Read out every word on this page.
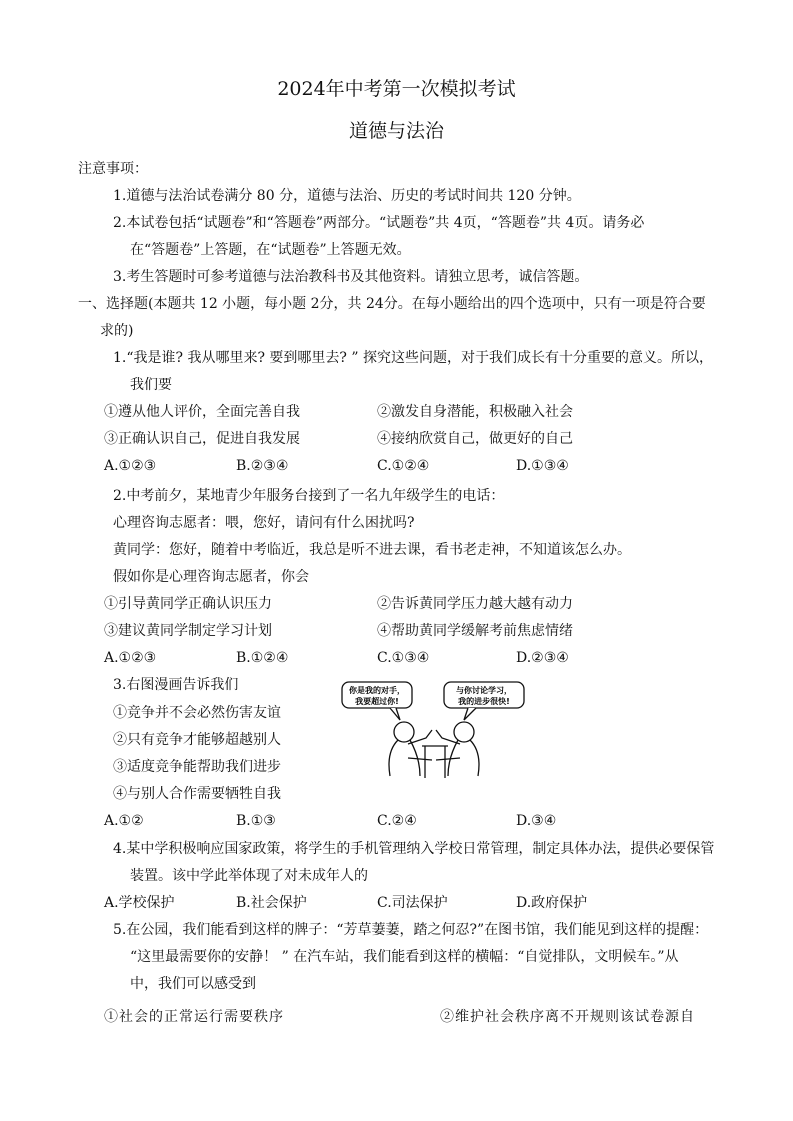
2024年中考第一次模拟考试
道德与法治
注意事项：
1.道德与法治试卷满分 80 分，道德与法治、历史的考试时间共 120 分钟。
2.本试卷包括“试题卷”和“答题卷”两部分。“试题卷”共 4页，“答题卷”共 4页。请务必
在“答题卷”上答题，在“试题卷”上答题无效。
3.考生答题时可参考道德与法治教科书及其他资料。请独立思考，诚信答题。
一、选择题(本题共 12 小题，每小题 2分，共 24分。在每小题给出的四个选项中，只有一项是符合要
求的)
1.“我是谁? 我从哪里来? 要到哪里去? ” 探究这些问题，对于我们成长有十分重要的意义。所以，
我们要
①遵从他人评价，全面完善自我	②激发自身潜能，积极融入社会
③正确认识自己，促进自我发展	④接纳欣赏自己，做更好的自己
A.①②③	B.②③④	C.①②④	D.①③④
2.中考前夕，某地青少年服务台接到了一名九年级学生的电话：
心理咨询志愿者：喂，您好，请问有什么困扰吗?
黄同学：您好，随着中考临近，我总是听不进去课，看书老走神，不知道该怎么办。
假如你是心理咨询志愿者，你会
①引导黄同学正确认识压力	②告诉黄同学压力越大越有动力
③建议黄同学制定学习计划	④帮助黄同学缓解考前焦虑情绪
A.①②③	B.①②④	C.①③④	D.②③④
3.右图漫画告诉我们
①竞争并不会必然伤害友谊
②只有竞争才能够超越别人
③适度竞争能帮助我们进步
④与别人合作需要牺牲自我
你是我的对手，
我要超过你!
与你讨论学习，
我的进步很快!
A.①②	B.①③	C.②④	D.③④
4.某中学积极响应国家政策，将学生的手机管理纳入学校日常管理，制定具体办法，提供必要保管
装置。该中学此举体现了对未成年人的
A.学校保护	B.社会保护	C.司法保护	D.政府保护
5.在公园，我们能看到这样的牌子：“芳草萋萋，踏之何忍?”在图书馆，我们能见到这样的提醒：
“这里最需要你的安静！ ” 在汽车站，我们能看到这样的横幅：“自觉排队，文明候车。”从
中，我们可以感受到
①社会的正常运行需要秩序	②维护社会秩序离不开规则该试卷源自
